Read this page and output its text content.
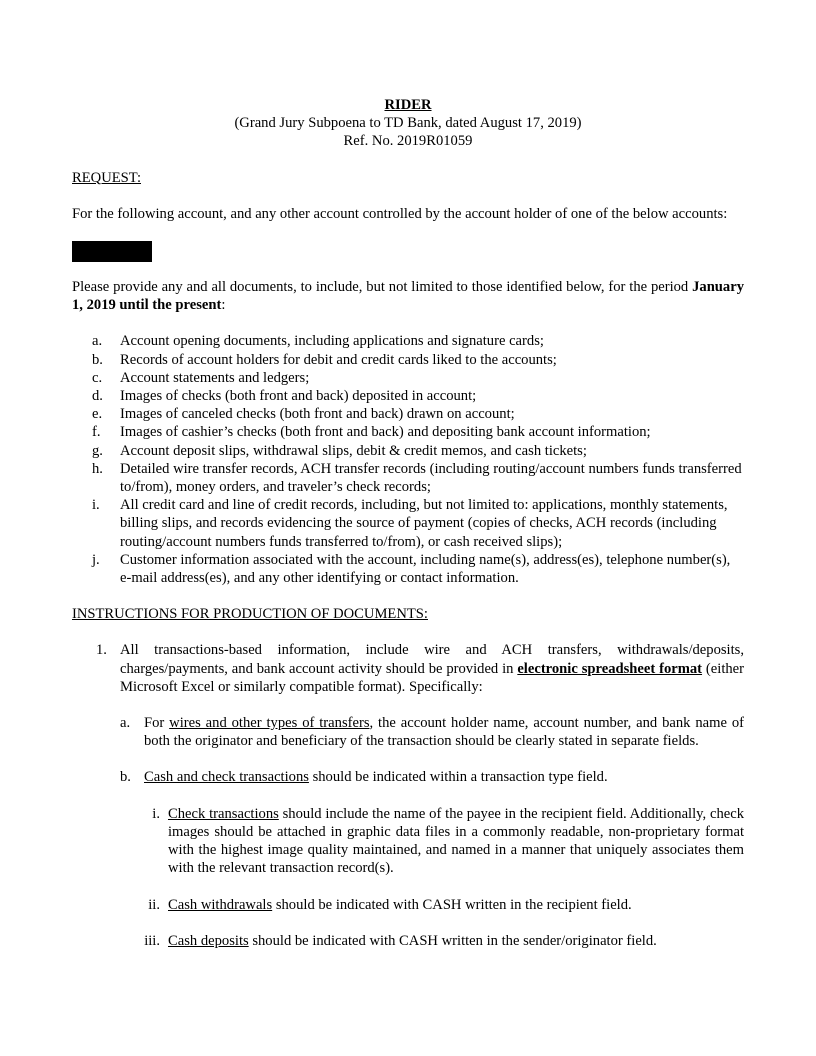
RIDER

(Grand Jury Subpoena to TD Bank, dated August 17, 2019)

Ref. No. 2019R01059

REQUEST:

For the following account, and any other account controlled by the account holder of one of the below accounts:

Please provide any and all documents, to include, but not limited to those identified below, for the period January 1, 2019 until the present:

a.	Account opening documents, including applications and signature cards;
b.	Records of account holders for debit and credit cards liked to the accounts;
c.	Account statements and ledgers;
d.	Images of checks (both front and back) deposited in account;
e.	Images of canceled checks (both front and back) drawn on account;
f.	Images of cashier’s checks (both front and back) and depositing bank account information;
g.	Account deposit slips, withdrawal slips, debit & credit memos, and cash tickets;
h.	Detailed wire transfer records, ACH transfer records (including routing/account numbers funds transferred to/from), money orders, and traveler’s check records;
i.	All credit card and line of credit records, including, but not limited to: applications, monthly statements, billing slips, and records evidencing the source of payment (copies of checks, ACH records (including routing/account numbers funds transferred to/from), or cash received slips);
j.	Customer information associated with the account, including name(s), address(es), telephone number(s), e-mail address(es), and any other identifying or contact information.

INSTRUCTIONS FOR PRODUCTION OF DOCUMENTS:

1. All transactions-based information, include wire and ACH transfers, withdrawals/deposits, charges/payments, and bank account activity should be provided in electronic spreadsheet format (either Microsoft Excel or similarly compatible format). Specifically:
a. For wires and other types of transfers, the account holder name, account number, and bank name of both the originator and beneficiary of the transaction should be clearly stated in separate fields.
b. Cash and check transactions should be indicated within a transaction type field.
i. Check transactions should include the name of the payee in the recipient field. Additionally, check images should be attached in graphic data files in a commonly readable, non-proprietary format with the highest image quality maintained, and named in a manner that uniquely associates them with the relevant transaction record(s).
ii. Cash withdrawals should be indicated with CASH written in the recipient field.
iii. Cash deposits should be indicated with CASH written in the sender/originator field.
